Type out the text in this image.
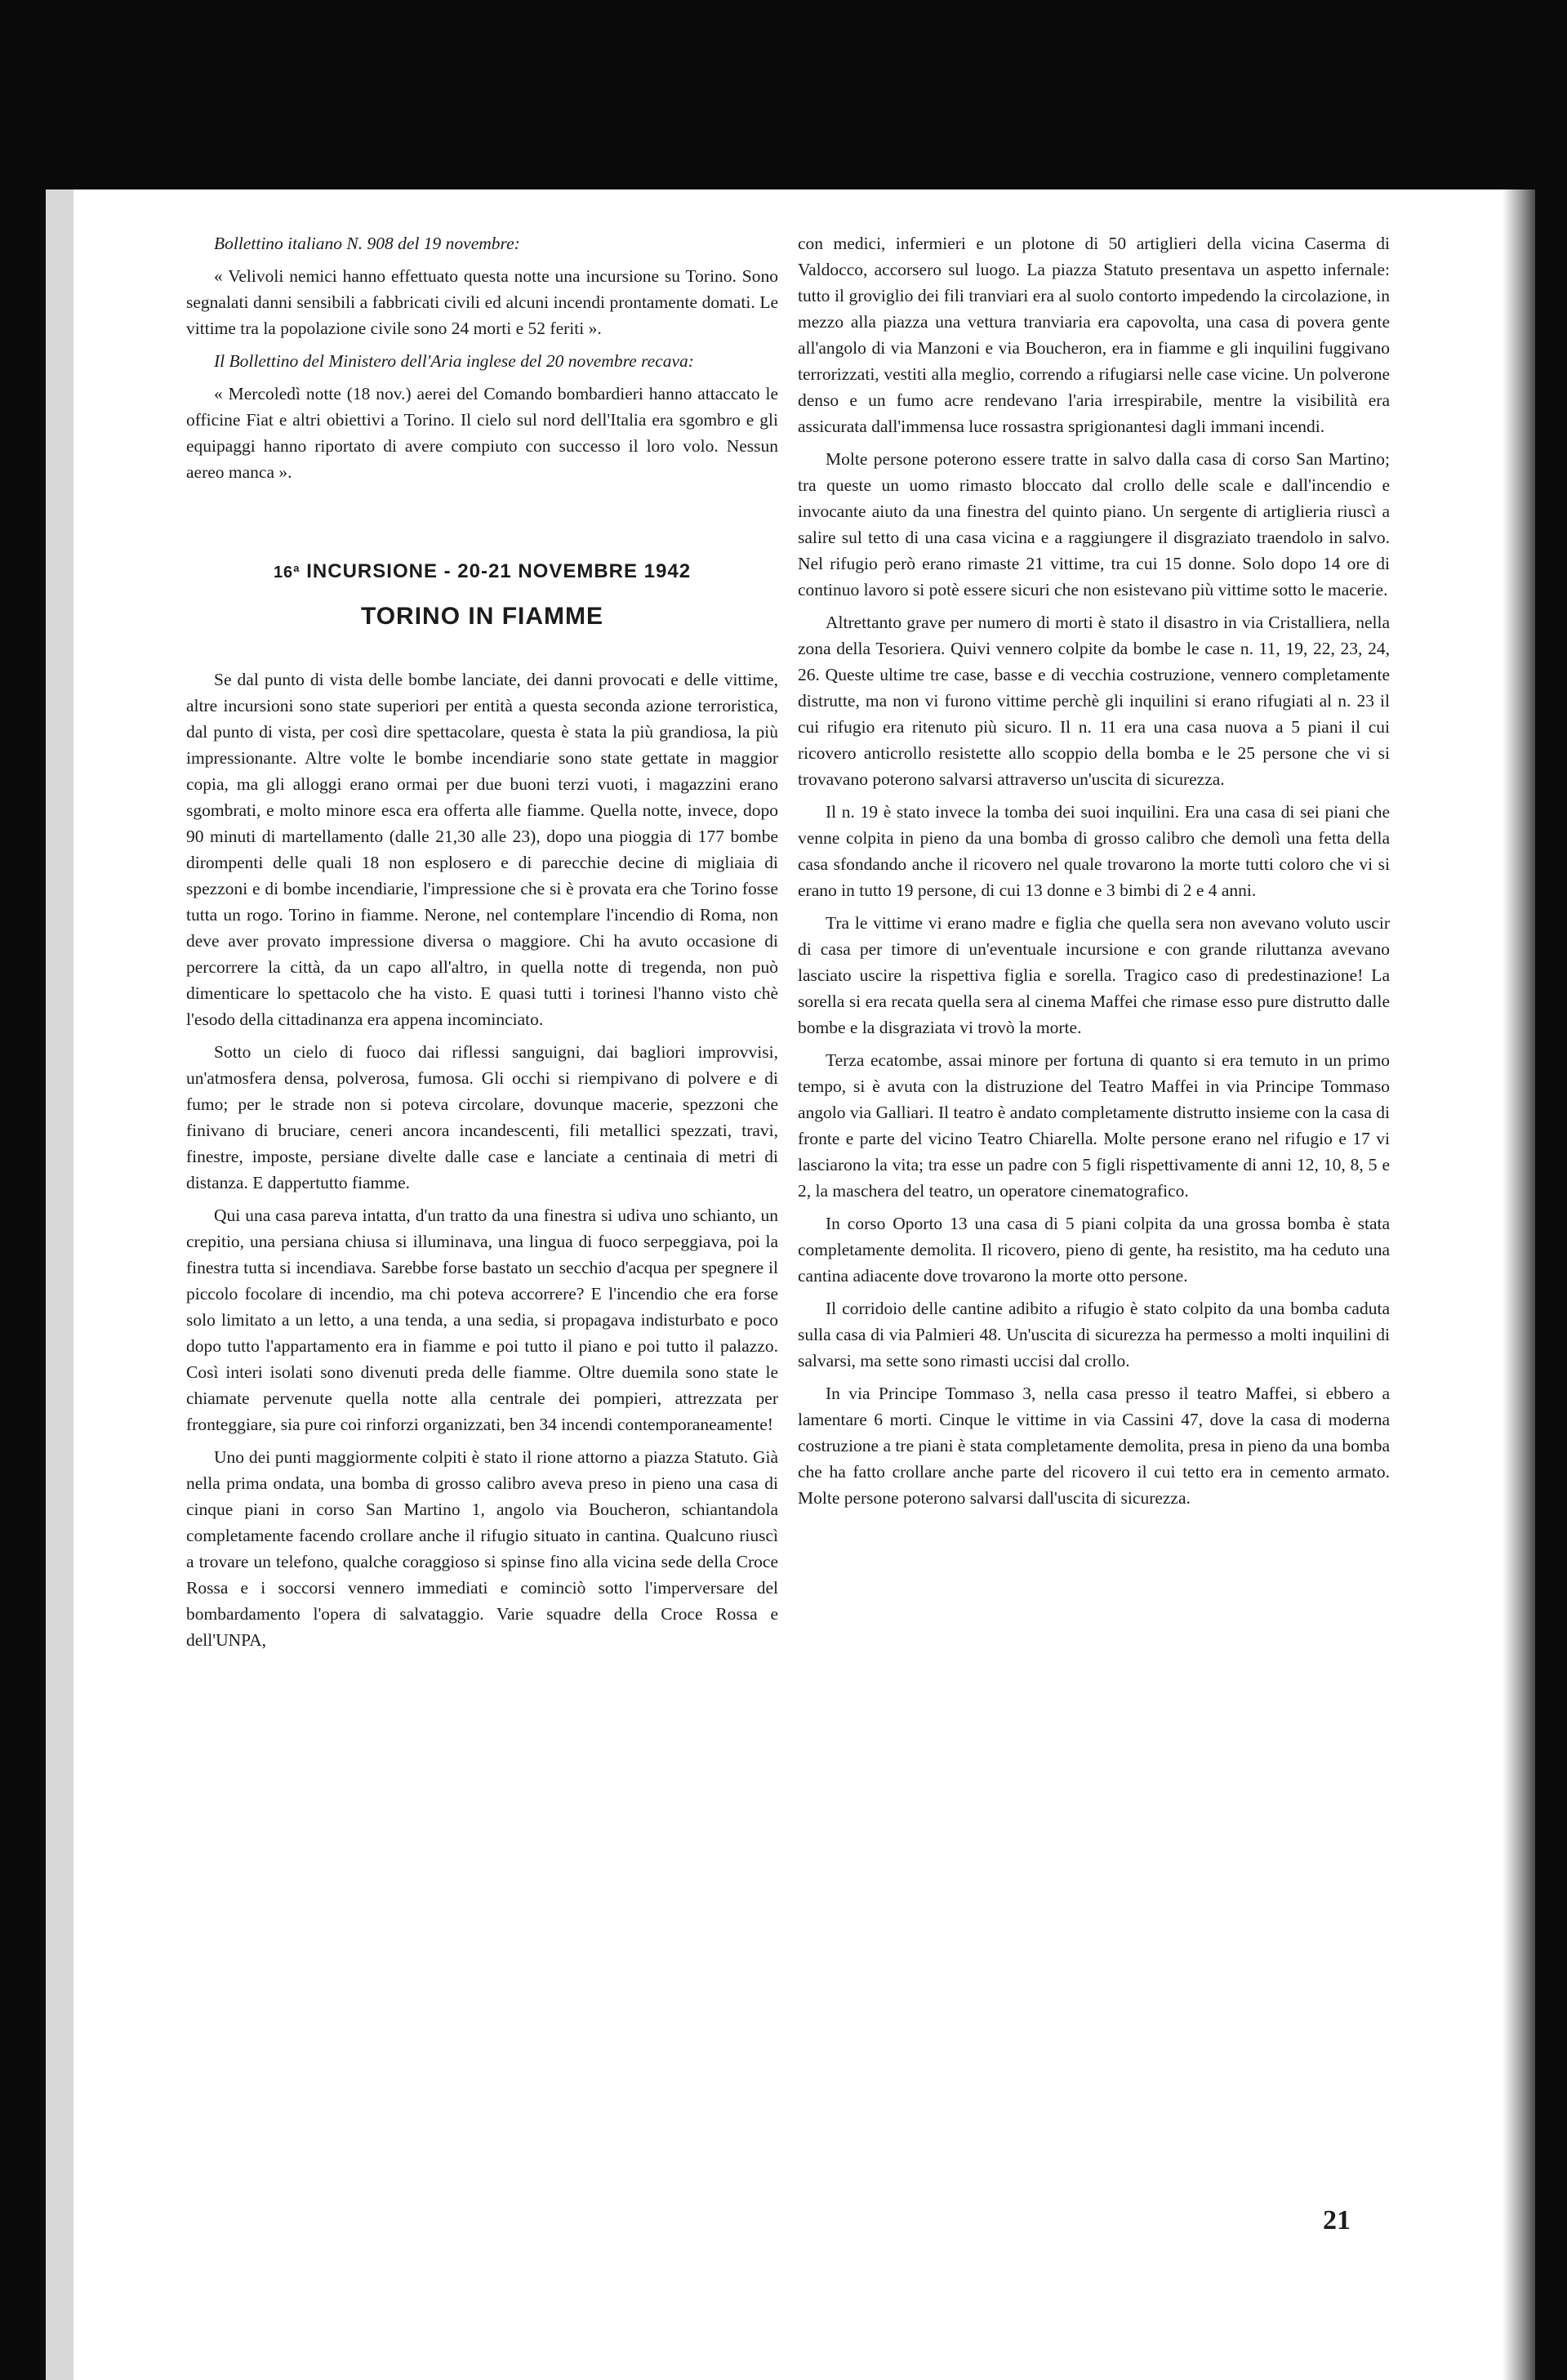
Bollettino italiano N. 908 del 19 novembre:

« Velivoli nemici hanno effettuato questa notte una incursione su Torino. Sono segnalati danni sensibili a fabbricati civili ed alcuni incendi prontamente domati. Le vittime tra la popolazione civile sono 24 morti e 52 feriti ».

Il Bollettino del Ministero dell'Aria inglese del 20 novembre recava:

« Mercoledì notte (18 nov.) aerei del Comando bombardieri hanno attaccato le officine Fiat e altri obiettivi a Torino. Il cielo sul nord dell'Italia era sgombro e gli equipaggi hanno riportato di avere compiuto con successo il loro volo. Nessun aereo manca ».

16ª INCURSIONE - 20-21 NOVEMBRE 1942
TORINO IN FIAMME

Se dal punto di vista delle bombe lanciate, dei danni provocati e delle vittime, altre incursioni sono state superiori per entità a questa seconda azione terroristica, dal punto di vista, per così dire spettacolare, questa è stata la più grandiosa, la più impressionante. Altre volte le bombe incendiarie sono state gettate in maggior copia, ma gli alloggi erano ormai per due buoni terzi vuoti, i magazzini erano sgombrati, e molto minore esca era offerta alle fiamme. Quella notte, invece, dopo 90 minuti di martellamento (dalle 21,30 alle 23), dopo una pioggia di 177 bombe dirompenti delle quali 18 non esplosero e di parecchie decine di migliaia di spezzoni e di bombe incendiarie, l'impressione che si è provata era che Torino fosse tutta un rogo. Torino in fiamme. Nerone, nel contemplare l'incendio di Roma, non deve aver provato impressione diversa o maggiore. Chi ha avuto occasione di percorrere la città, da un capo all'altro, in quella notte di tregenda, non può dimenticare lo spettacolo che ha visto. E quasi tutti i torinesi l'hanno visto chè l'esodo della cittadinanza era appena incominciato.

Sotto un cielo di fuoco dai riflessi sanguigni, dai bagliori improvvisi, un'atmosfera densa, polverosa, fumosa. Gli occhi si riempivano di polvere e di fumo; per le strade non si poteva circolare, dovunque macerie, spezzoni che finivano di bruciare, ceneri ancora incandescenti, fili metallici spezzati, travi, finestre, imposte, persiane divelte dalle case e lanciate a centinaia di metri di distanza. E dappertutto fiamme.

Qui una casa pareva intatta, d'un tratto da una finestra si udiva uno schianto, un crepitio, una persiana chiusa si illuminava, una lingua di fuoco serpeggiava, poi la finestra tutta si incendiava. Sarebbe forse bastato un secchio d'acqua per spegnere il piccolo focolare di incendio, ma chi poteva accorrere? E l'incendio che era forse solo limitato a un letto, a una tenda, a una sedia, si propagava indisturbato e poco dopo tutto l'appartamento era in fiamme e poi tutto il piano e poi tutto il palazzo. Così interi isolati sono divenuti preda delle fiamme. Oltre duemila sono state le chiamate pervenute quella notte alla centrale dei pompieri, attrezzata per fronteggiare, sia pure coi rinforzi organizzati, ben 34 incendi contemporaneamente!

Uno dei punti maggiormente colpiti è stato il rione attorno a piazza Statuto. Già nella prima ondata, una bomba di grosso calibro aveva preso in pieno una casa di cinque piani in corso San Martino 1, angolo via Boucheron, schiantandola completamente facendo crollare anche il rifugio situato in cantina. Qualcuno riuscì a trovare un telefono, qualche coraggioso si spinse fino alla vicina sede della Croce Rossa e i soccorsi vennero immediati e cominciò sotto l'imperversare del bombardamento l'opera di salvataggio. Varie squadre della Croce Rossa e dell'UNPA,

con medici, infermieri e un plotone di 50 artiglieri della vicina Caserma di Valdocco, accorsero sul luogo. La piazza Statuto presentava un aspetto infernale: tutto il groviglio dei fili tranviari era al suolo contorto impedendo la circolazione, in mezzo alla piazza una vettura tranviaria era capovolta, una casa di povera gente all'angolo di via Manzoni e via Boucheron, era in fiamme e gli inquilini fuggivano terrorizzati, vestiti alla meglio, correndo a rifugiarsi nelle case vicine. Un polverone denso e un fumo acre rendevano l'aria irrespirabile, mentre la visibilità era assicurata dall'immensa luce rossastra sprigionantesi dagli immani incendi.

Molte persone poterono essere tratte in salvo dalla casa di corso San Martino; tra queste un uomo rimasto bloccato dal crollo delle scale e dall'incendio e invocante aiuto da una finestra del quinto piano. Un sergente di artiglieria riuscì a salire sul tetto di una casa vicina e a raggiungere il disgraziato traendolo in salvo. Nel rifugio però erano rimaste 21 vittime, tra cui 15 donne. Solo dopo 14 ore di continuo lavoro si potè essere sicuri che non esistevano più vittime sotto le macerie.

Altrettanto grave per numero di morti è stato il disastro in via Cristalliera, nella zona della Tesoriera. Quivi vennero colpite da bombe le case n. 11, 19, 22, 23, 24, 26. Queste ultime tre case, basse e di vecchia costruzione, vennero completamente distrutte, ma non vi furono vittime perchè gli inquilini si erano rifugiati al n. 23 il cui rifugio era ritenuto più sicuro. Il n. 11 era una casa nuova a 5 piani il cui ricovero anticrollo resistette allo scoppio della bomba e le 25 persone che vi si trovavano poterono salvarsi attraverso un'uscita di sicurezza.

Il n. 19 è stato invece la tomba dei suoi inquilini. Era una casa di sei piani che venne colpita in pieno da una bomba di grosso calibro che demolì una fetta della casa sfondando anche il ricovero nel quale trovarono la morte tutti coloro che vi si erano in tutto 19 persone, di cui 13 donne e 3 bimbi di 2 e 4 anni.

Tra le vittime vi erano madre e figlia che quella sera non avevano voluto uscir di casa per timore di un'eventuale incursione e con grande riluttanza avevano lasciato uscire la rispettiva figlia e sorella. Tragico caso di predestinazione! La sorella si era recata quella sera al cinema Maffei che rimase esso pure distrutto dalle bombe e la disgraziata vi trovò la morte.

Terza ecatombe, assai minore per fortuna di quanto si era temuto in un primo tempo, si è avuta con la distruzione del Teatro Maffei in via Principe Tommaso angolo via Galliari. Il teatro è andato completamente distrutto insieme con la casa di fronte e parte del vicino Teatro Chiarella. Molte persone erano nel rifugio e 17 vi lasciarono la vita; tra esse un padre con 5 figli rispettivamente di anni 12, 10, 8, 5 e 2, la maschera del teatro, un operatore cinematografico.

In corso Oporto 13 una casa di 5 piani colpita da una grossa bomba è stata completamente demolita. Il ricovero, pieno di gente, ha resistito, ma ha ceduto una cantina adiacente dove trovarono la morte otto persone.

Il corridoio delle cantine adibito a rifugio è stato colpito da una bomba caduta sulla casa di via Palmieri 48. Un'uscita di sicurezza ha permesso a molti inquilini di salvarsi, ma sette sono rimasti uccisi dal crollo.

In via Principe Tommaso 3, nella casa presso il teatro Maffei, si ebbero a lamentare 6 morti. Cinque le vittime in via Cassini 47, dove la casa di moderna costruzione a tre piani è stata completamente demolita, presa in pieno da una bomba che ha fatto crollare anche parte del ricovero il cui tetto era in cemento armato. Molte persone poterono salvarsi dall'uscita di sicurezza.

21
